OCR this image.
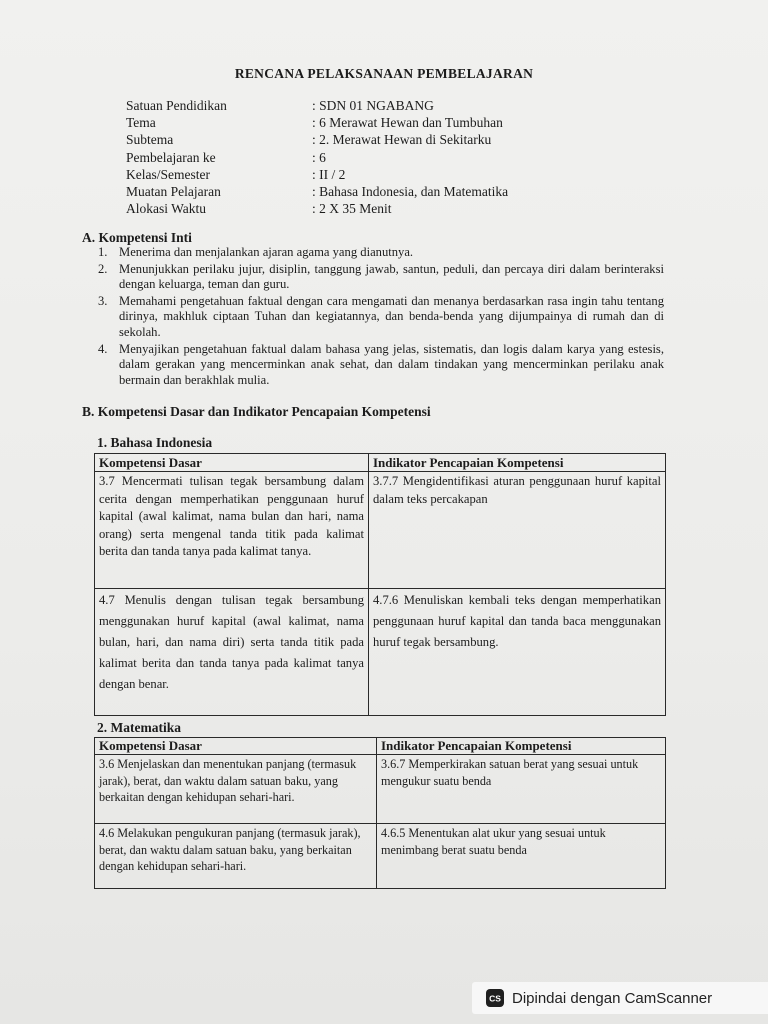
RENCANA PELAKSANAAN PEMBELAJARAN
Satuan Pendidikan	: SDN 01 NGABANG
Tema	: 6 Merawat Hewan dan Tumbuhan
Subtema	: 2. Merawat Hewan di Sekitarku
Pembelajaran ke	: 6
Kelas/Semester	: II / 2
Muatan Pelajaran	: Bahasa Indonesia, dan Matematika
Alokasi Waktu	: 2 X 35 Menit
A. Kompetensi Inti
1. Menerima dan menjalankan ajaran agama yang dianutnya.
2. Menunjukkan perilaku jujur, disiplin, tanggung jawab, santun, peduli, dan percaya diri dalam berinteraksi dengan keluarga, teman dan guru.
3. Memahami pengetahuan faktual dengan cara mengamati dan menanya berdasarkan rasa ingin tahu tentang dirinya, makhluk ciptaan Tuhan dan kegiatannya, dan benda-benda yang dijumpainya di rumah dan di sekolah.
4. Menyajikan pengetahuan faktual dalam bahasa yang jelas, sistematis, dan logis dalam karya yang estesis, dalam gerakan yang mencerminkan anak sehat, dan dalam tindakan yang mencerminkan perilaku anak bermain dan berakhlak mulia.
B. Kompetensi Dasar dan Indikator Pencapaian Kompetensi
1. Bahasa Indonesia
Kompetensi Dasar	Indikator Pencapaian Kompetensi
3.7 Mencermati tulisan tegak bersambung dalam cerita dengan memperhatikan penggunaan huruf kapital (awal kalimat, nama bulan dan hari, nama orang) serta mengenal tanda titik pada kalimat berita dan tanda tanya pada kalimat tanya.	3.7.7 Mengidentifikasi aturan penggunaan huruf kapital dalam teks percakapan
4.7 Menulis dengan tulisan tegak bersambung menggunakan huruf kapital (awal kalimat, nama bulan, hari, dan nama diri) serta tanda titik pada kalimat berita dan tanda tanya pada kalimat tanya dengan benar.	4.7.6 Menuliskan kembali teks dengan memperhatikan penggunaan huruf kapital dan tanda baca menggunakan huruf tegak bersambung.
2. Matematika
Kompetensi Dasar	Indikator Pencapaian Kompetensi
3.6 Menjelaskan dan menentukan panjang (termasuk jarak), berat, dan waktu dalam satuan baku, yang berkaitan dengan kehidupan sehari-hari.	3.6.7 Memperkirakan satuan berat yang sesuai untuk mengukur suatu benda
4.6 Melakukan pengukuran panjang (termasuk jarak), berat, dan waktu dalam satuan baku, yang berkaitan dengan kehidupan sehari-hari.	4.6.5 Menentukan alat ukur yang sesuai untuk menimbang berat suatu benda
CS Dipindai dengan CamScanner
